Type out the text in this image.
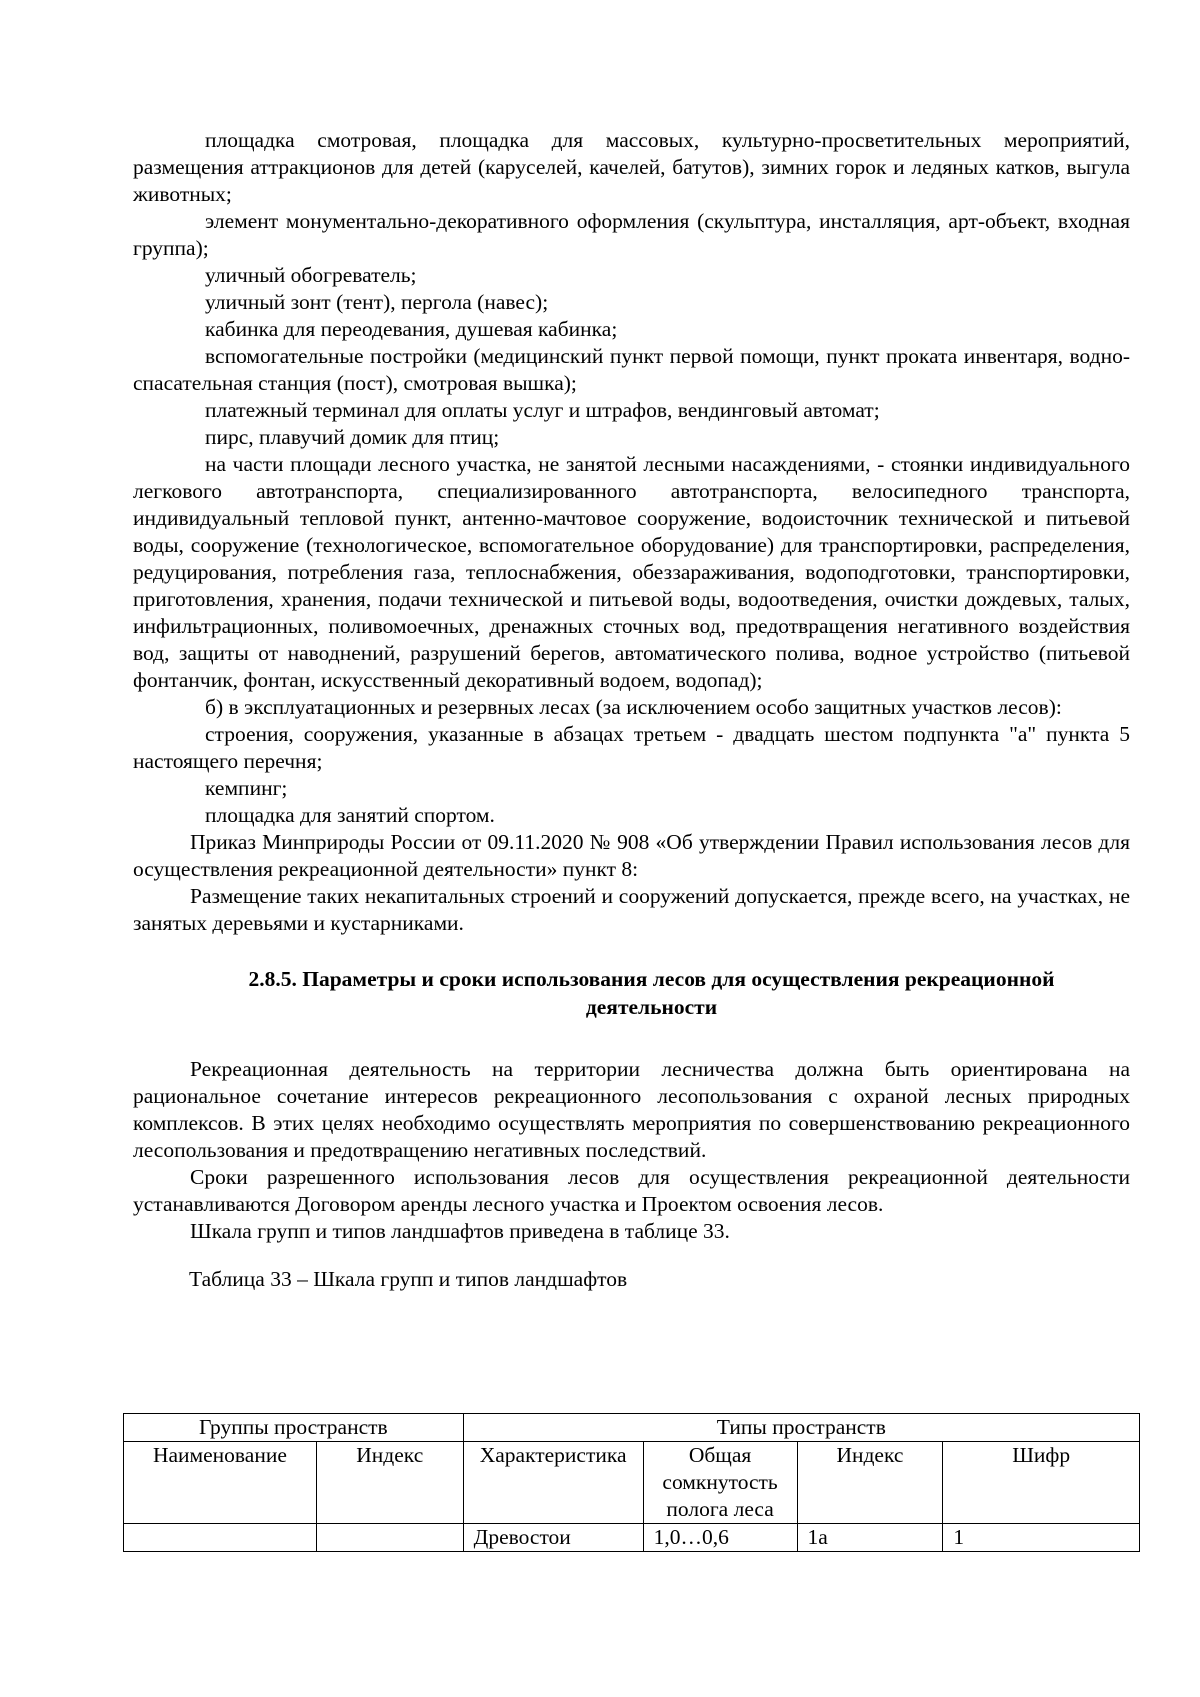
площадка смотровая, площадка для массовых, культурно-просветительных мероприятий, размещения аттракционов для детей (каруселей, качелей, батутов), зимних горок и ледяных катков, выгула животных;

элемент монументально-декоративного оформления (скульптура, инсталляция, арт-объект, входная группа);

уличный обогреватель;

уличный зонт (тент), пергола (навес);

кабинка для переодевания, душевая кабинка;

вспомогательные постройки (медицинский пункт первой помощи, пункт проката инвентаря, водно-спасательная станция (пост), смотровая вышка);

платежный терминал для оплаты услуг и штрафов, вендинговый автомат;

пирс, плавучий домик для птиц;

на части площади лесного участка, не занятой лесными насаждениями, - стоянки индивидуального легкового автотранспорта, специализированного автотранспорта, велосипедного транспорта, индивидуальный тепловой пункт, антенно-мачтовое сооружение, водоисточник технической и питьевой воды, сооружение (технологическое, вспомогательное оборудование) для транспортировки, распределения, редуцирования, потребления газа, теплоснабжения, обеззараживания, водоподготовки, транспортировки, приготовления, хранения, подачи технической и питьевой воды, водоотведения, очистки дождевых, талых, инфильтрационных, поливомоечных, дренажных сточных вод, предотвращения негативного воздействия вод, защиты от наводнений, разрушений берегов, автоматического полива, водное устройство (питьевой фонтанчик, фонтан, искусственный декоративный водоем, водопад);

б) в эксплуатационных и резервных лесах (за исключением особо защитных участков лесов):

строения, сооружения, указанные в абзацах третьем - двадцать шестом подпункта "а" пункта 5 настоящего перечня;

кемпинг;

площадка для занятий спортом.

Приказ Минприроды России от 09.11.2020 № 908 «Об утверждении Правил использования лесов для осуществления рекреационной деятельности» пункт 8:

Размещение таких некапитальных строений и сооружений допускается, прежде всего, на участках, не занятых деревьями и кустарниками.

2.8.5. Параметры и сроки использования лесов для осуществления рекреационной деятельности

Рекреационная деятельность на территории лесничества должна быть ориентирована на рациональное сочетание интересов рекреационного лесопользования с охраной лесных природных комплексов. В этих целях необходимо осуществлять мероприятия по совершенствованию рекреационного лесопользования и предотвращению негативных последствий.

Сроки разрешенного использования лесов для осуществления рекреационной деятельности устанавливаются Договором аренды лесного участка и Проектом освоения лесов.

Шкала групп и типов ландшафтов приведена в таблице 33.

Таблица 33 – Шкала групп и типов ландшафтов
Группы пространств		Типы пространств			
Наименование	Индекс	Характеристика	Общая сомкнутость полога леса	Индекс	Шифр
		Древостои	1,0…0,6	1а	1
